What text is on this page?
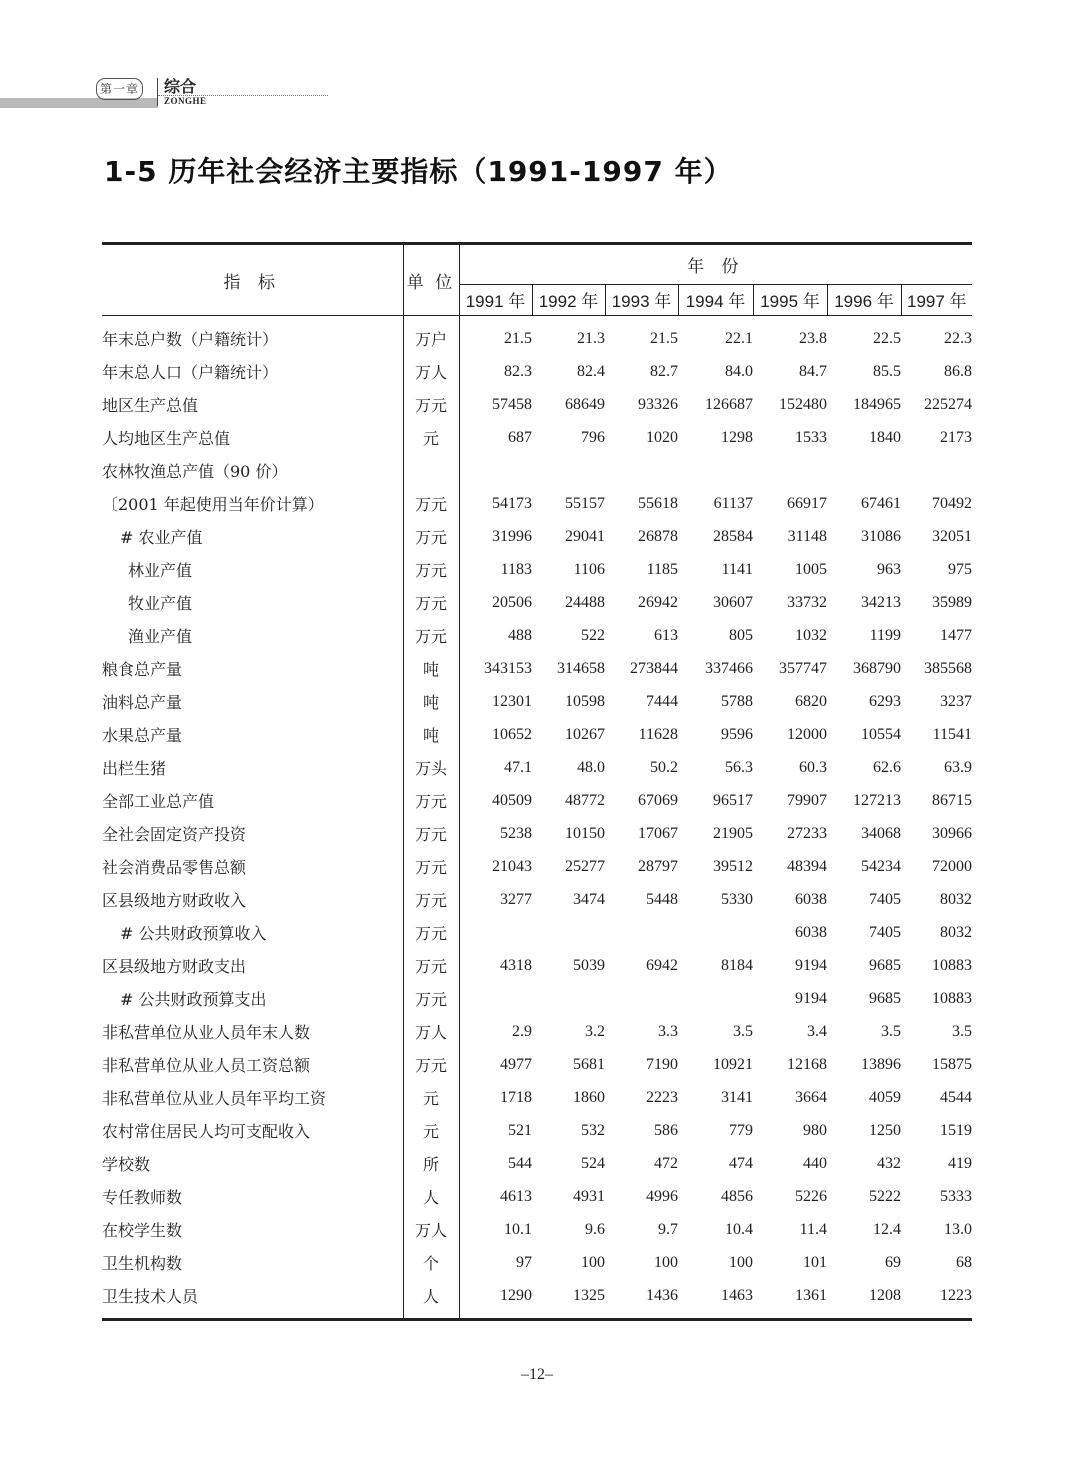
第一章	综合
ZONGHE
1-5 历年社会经济主要指标（1991-1997 年）
指 标	单 位	年 份						
		1991 年	1992 年	1993 年	1994 年	1995 年	1996 年	1997 年
年末总户数（户籍统计）	万户	21.5	21.3	21.5	22.1	23.8	22.5	22.3
年末总人口（户籍统计）	万人	82.3	82.4	82.7	84.0	84.7	85.5	86.8
地区生产总值	万元	57458	68649	93326	126687	152480	184965	225274
人均地区生产总值	元	687	796	1020	1298	1533	1840	2173
农林牧渔总产值（90 价）								
〔2001 年起使用当年价计算）	万元	54173	55157	55618	61137	66917	67461	70492
# 农业产值	万元	31996	29041	26878	28584	31148	31086	32051
林业产值	万元	1183	1106	1185	1141	1005	963	975
牧业产值	万元	20506	24488	26942	30607	33732	34213	35989
渔业产值	万元	488	522	613	805	1032	1199	1477
粮食总产量	吨	343153	314658	273844	337466	357747	368790	385568
油料总产量	吨	12301	10598	7444	5788	6820	6293	3237
水果总产量	吨	10652	10267	11628	9596	12000	10554	11541
出栏生猪	万头	47.1	48.0	50.2	56.3	60.3	62.6	63.9
全部工业总产值	万元	40509	48772	67069	96517	79907	127213	86715
全社会固定资产投资	万元	5238	10150	17067	21905	27233	34068	30966
社会消费品零售总额	万元	21043	25277	28797	39512	48394	54234	72000
区县级地方财政收入	万元	3277	3474	5448	5330	6038	7405	8032
# 公共财政预算收入	万元					6038	7405	8032
区县级地方财政支出	万元	4318	5039	6942	8184	9194	9685	10883
# 公共财政预算支出	万元					9194	9685	10883
非私营单位从业人员年末人数	万人	2.9	3.2	3.3	3.5	3.4	3.5	3.5
非私营单位从业人员工资总额	万元	4977	5681	7190	10921	12168	13896	15875
非私营单位从业人员年平均工资	元	1718	1860	2223	3141	3664	4059	4544
农村常住居民人均可支配收入	元	521	532	586	779	980	1250	1519
学校数	所	544	524	472	474	440	432	419
专任教师数	人	4613	4931	4996	4856	5226	5222	5333
在校学生数	万人	10.1	9.6	9.7	10.4	11.4	12.4	13.0
卫生机构数	个	97	100	100	100	101	69	68
卫生技术人员	人	1290	1325	1436	1463	1361	1208	1223
–12–
